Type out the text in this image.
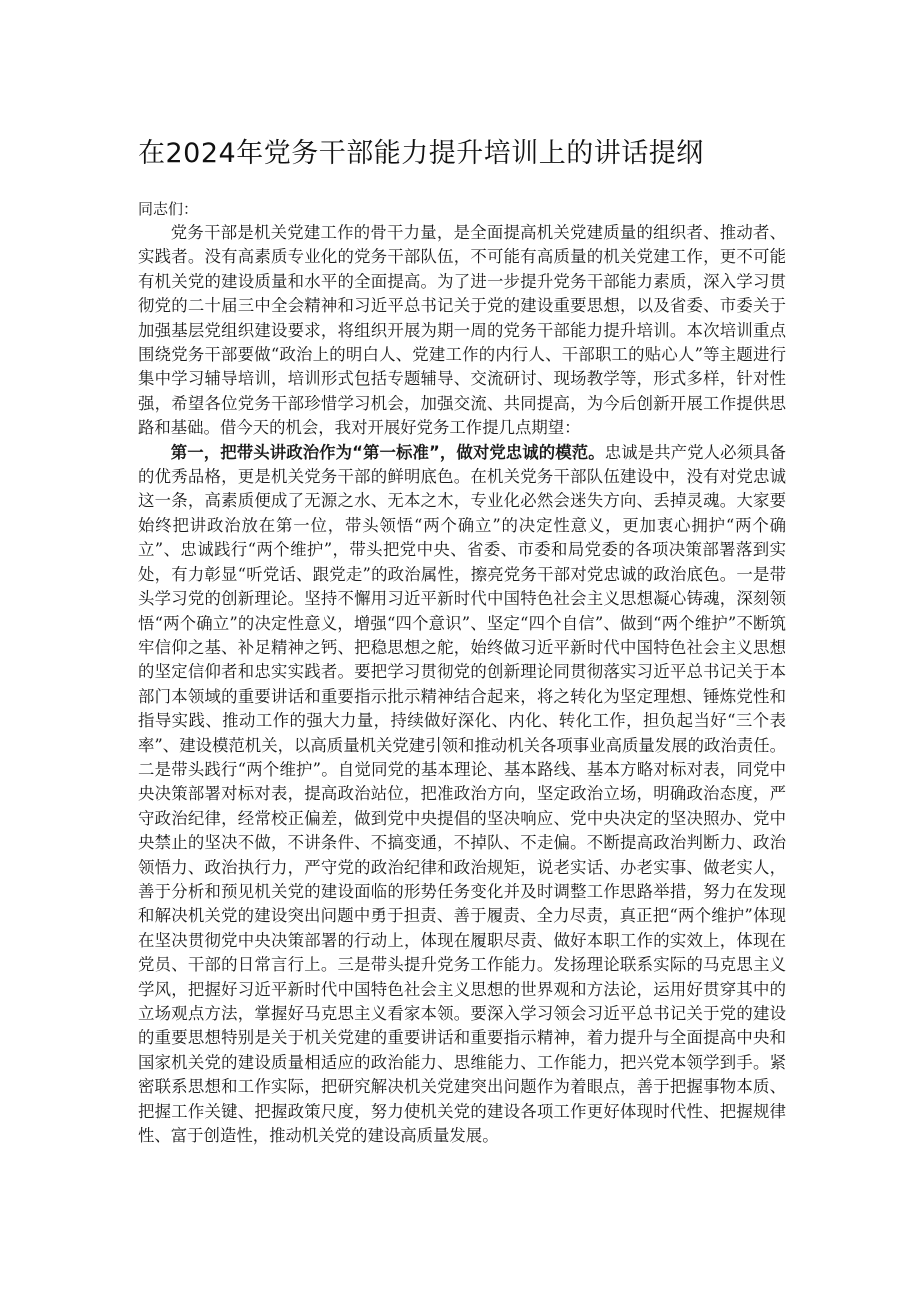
在2024年党务干部能力提升培训上的讲话提纲

同志们：

党务干部是机关党建工作的骨干力量，是全面提高机关党建质量的组织者、推动者、实践者。没有高素质专业化的党务干部队伍，不可能有高质量的机关党建工作，更不可能有机关党的建设质量和水平的全面提高。为了进一步提升党务干部能力素质，深入学习贯彻党的二十届三中全会精神和习近平总书记关于党的建设重要思想，以及省委、市委关于加强基层党组织建设要求，将组织开展为期一周的党务干部能力提升培训。本次培训重点围绕党务干部要做“政治上的明白人、党建工作的内行人、干部职工的贴心人”等主题进行集中学习辅导培训，培训形式包括专题辅导、交流研讨、现场教学等，形式多样，针对性强，希望各位党务干部珍惜学习机会，加强交流、共同提高，为今后创新开展工作提供思路和基础。借今天的机会，我对开展好党务工作提几点期望：

第一，把带头讲政治作为“第一标准”，做对党忠诚的模范。忠诚是共产党人必须具备的优秀品格，更是机关党务干部的鲜明底色。在机关党务干部队伍建设中，没有对党忠诚这一条，高素质便成了无源之水、无本之木，专业化必然会迷失方向、丢掉灵魂。大家要始终把讲政治放在第一位，带头领悟“两个确立”的决定性意义，更加衷心拥护“两个确立”、忠诚践行“两个维护”，带头把党中央、省委、市委和局党委的各项决策部署落到实处，有力彰显“听党话、跟党走”的政治属性，擦亮党务干部对党忠诚的政治底色。一是带头学习党的创新理论。坚持不懈用习近平新时代中国特色社会主义思想凝心铸魂，深刻领悟“两个确立”的决定性意义，增强“四个意识”、坚定“四个自信”、做到“两个维护”不断筑牢信仰之基、补足精神之钙、把稳思想之舵，始终做习近平新时代中国特色社会主义思想的坚定信仰者和忠实实践者。要把学习贯彻党的创新理论同贯彻落实习近平总书记关于本部门本领域的重要讲话和重要指示批示精神结合起来，将之转化为坚定理想、锤炼党性和指导实践、推动工作的强大力量，持续做好深化、内化、转化工作，担负起当好“三个表率”、建设模范机关，以高质量机关党建引领和推动机关各项事业高质量发展的政治责任。二是带头践行“两个维护”。自觉同党的基本理论、基本路线、基本方略对标对表，同党中央决策部署对标对表，提高政治站位，把准政治方向，坚定政治立场，明确政治态度，严守政治纪律，经常校正偏差，做到党中央提倡的坚决响应、党中央决定的坚决照办、党中央禁止的坚决不做，不讲条件、不搞变通，不掉队、不走偏。不断提高政治判断力、政治领悟力、政治执行力，严守党的政治纪律和政治规矩，说老实话、办老实事、做老实人，善于分析和预见机关党的建设面临的形势任务变化并及时调整工作思路举措，努力在发现和解决机关党的建设突出问题中勇于担责、善于履责、全力尽责，真正把“两个维护”体现在坚决贯彻党中央决策部署的行动上，体现在履职尽责、做好本职工作的实效上，体现在党员、干部的日常言行上。三是带头提升党务工作能力。发扬理论联系实际的马克思主义学风，把握好习近平新时代中国特色社会主义思想的世界观和方法论，运用好贯穿其中的立场观点方法，掌握好马克思主义看家本领。要深入学习领会习近平总书记关于党的建设的重要思想特别是关于机关党建的重要讲话和重要指示精神，着力提升与全面提高中央和国家机关党的建设质量相适应的政治能力、思维能力、工作能力，把兴党本领学到手。紧密联系思想和工作实际，把研究解决机关党建突出问题作为着眼点，善于把握事物本质、把握工作关键、把握政策尺度，努力使机关党的建设各项工作更好体现时代性、把握规律性、富于创造性，推动机关党的建设高质量发展。
